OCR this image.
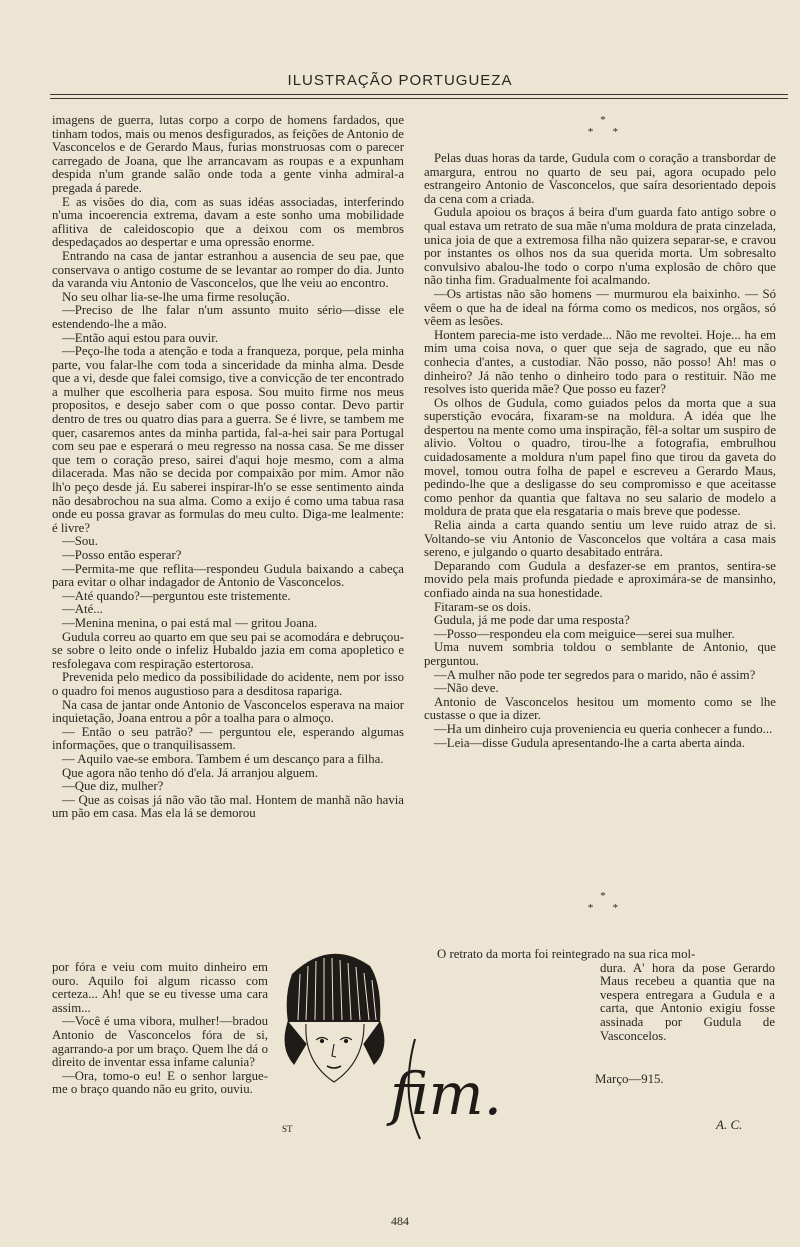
ILUSTRAÇÃO PORTUGUEZA

imagens de guerra, lutas corpo a corpo de homens fardados, que tinham todos, mais ou menos desfigurados, as feições de Antonio de Vasconcelos e de Gerardo Maus, furias monstruosas com o parecer carregado de Joana, que lhe arrancavam as roupas e a expunham despida n'um grande salão onde toda a gente vinha admiral-a pregada á parede.

E as visões do dia, com as suas idéas associadas, interferindo n'uma incoerencia extrema, davam a este sonho uma mobilidade aflitiva de caleidoscopio que a deixou com os membros despedaçados ao despertar e uma opressão enorme.

Entrando na casa de jantar estranhou a ausencia de seu pae, que conservava o antigo costume de se levantar ao romper do dia. Junto da varanda viu Antonio de Vasconcelos, que lhe veiu ao encontro.

No seu olhar lia-se-lhe uma firme resolução.

—Preciso de lhe falar n'um assunto muito sério—disse ele estendendo-lhe a mão.

—Então aqui estou para ouvir.

—Peço-lhe toda a atenção e toda a franqueza, porque, pela minha parte, vou falar-lhe com toda a sinceridade da minha alma. Desde que a vi, desde que falei comsigo, tive a convicção de ter encontrado a mulher que escolheria para esposa. Sou muito firme nos meus propositos, e desejo saber com o que posso contar. Devo partir dentro de tres ou quatro dias para a guerra. Se é livre, se tambem me quer, casaremos antes da minha partida, fal-a-hei sair para Portugal com seu pae e esperará o meu regresso na nossa casa. Se me disser que tem o coração preso, sairei d'aqui hoje mesmo, com a alma dilacerada. Mas não se decida por compaixão por mim. Amor não lh'o peço desde já. Eu saberei inspirar-lh'o se esse sentimento ainda não desabrochou na sua alma. Como a exijo é como uma tabua rasa onde eu possa gravar as formulas do meu culto. Diga-me lealmente: é livre?

—Sou.

—Posso então esperar?

—Permita-me que reflita—respondeu Gudula baixando a cabeça para evitar o olhar indagador de Antonio de Vasconcelos.

—Até quando?—perguntou este tristemente.

—Até...

—Menina menina, o pai está mal — gritou Joana.

Gudula correu ao quarto em que seu pai se acomodára e debruçou-se sobre o leito onde o infeliz Hubaldo jazia em coma apopletico e resfolegava com respiração estertorosa.

Prevenida pelo medico da possibilidade do acidente, nem por isso o quadro foi menos augustioso para a desditosa rapariga.

Na casa de jantar onde Antonio de Vasconcelos esperava na maior inquietação, Joana entrou a pôr a toalha para o almoço.

— Então o seu patrão? — perguntou ele, esperando algumas informações, que o tranquilisassem.

— Aquilo vae-se embora. Tambem é um descanço para a filha.

Que agora não tenho dó d'ela. Já arranjou alguem.

—Que diz, mulher?

— Que as coisas já não vão tão mal. Hontem de manhã não havia um pão em casa. Mas ela lá se demorou

por fóra e veiu com muito dinheiro em ouro. Aquilo foi algum ricasso com certeza... Ah! que se eu tivesse uma cara assim...

—Você é uma vibora, mulher!—bradou Antonio de Vasconcelos fóra de si, agarrando-a por um braço. Quem lhe dá o direito de inventar essa infame calunia?

—Ora, tomo-o eu! E o senhor largue-me o braço quando não eu grito, ouviu.

*
*       *

Pelas duas horas da tarde, Gudula com o coração a transbordar de amargura, entrou no quarto de seu pai, agora ocupado pelo estrangeiro Antonio de Vasconcelos, que saíra desorientado depois da cena com a criada.

Gudula apoiou os braços á beira d'um guarda fato antigo sobre o qual estava um retrato de sua mãe n'uma moldura de prata cinzelada, unica joia de que a extremosa filha não quizera separar-se, e cravou por instantes os olhos nos da sua querida morta. Um sobresalto convulsivo abalou-lhe todo o corpo n'uma explosão de chôro que não tinha fim. Gradualmente foi acalmando.

—Os artistas não são homens — murmurou ela baixinho. — Só vêem o que ha de ideal na fórma como os medicos, nos orgãos, só vêem as lesões.

Hontem parecia-me isto verdade... Não me revoltei. Hoje... ha em mim uma coisa nova, o quer que seja de sagrado, que eu não conhecia d'antes, a custodiar. Não posso, não posso! Ah! mas o dinheiro? Já não tenho o dinheiro todo para o restituir. Não me resolves isto querida mãe? Que posso eu fazer?

Os olhos de Gudula, como guiados pelos da morta que a sua superstição evocára, fixaram-se na moldura. A idéa que lhe despertou na mente como uma inspiração, fêl-a soltar um suspiro de alivio. Voltou o quadro, tirou-lhe a fotografia, embrulhou cuidadosamente a moldura n'um papel fino que tirou da gaveta do movel, tomou outra folha de papel e escreveu a Gerardo Maus, pedindo-lhe que a desligasse do seu compromisso e que aceitasse como penhor da quantia que faltava no seu salario de modelo a moldura de prata que ela resgataria o mais breve que podesse.

Relia ainda a carta quando sentiu um leve ruido atraz de si. Voltando-se viu Antonio de Vasconcelos que voltára a casa mais sereno, e julgando o quarto desabitado entrára.

Deparando com Gudula a desfazer-se em prantos, sentira-se movido pela mais profunda piedade e aproximára-se de mansinho, confiado ainda na sua honestidade.

Fitaram-se os dois.

Gudula, já me pode dar uma resposta?

—Posso—respondeu ela com meiguice—serei sua mulher.

Uma nuvem sombria toldou o semblante de Antonio, que perguntou.

—A mulher não pode ter segredos para o marido, não é assim?

—Não deve.

Antonio de Vasconcelos hesitou um momento como se lhe custasse o que ia dizer.

—Ha um dinheiro cuja proveniencia eu queria conhecer a fundo...

—Leia—disse Gudula apresentando-lhe a carta aberta ainda.

*
*       *
O retrato da morta foi reintegrado na sua rica mol-
dura. A' hora da pose Gerardo Maus recebeu a quantia que na vespera entregara a Gudula e a carta, que Antonio exigiu fosse assinada por Gudula de Vasconcelos.
Março—915.
A. C.
ST
fim.
484
